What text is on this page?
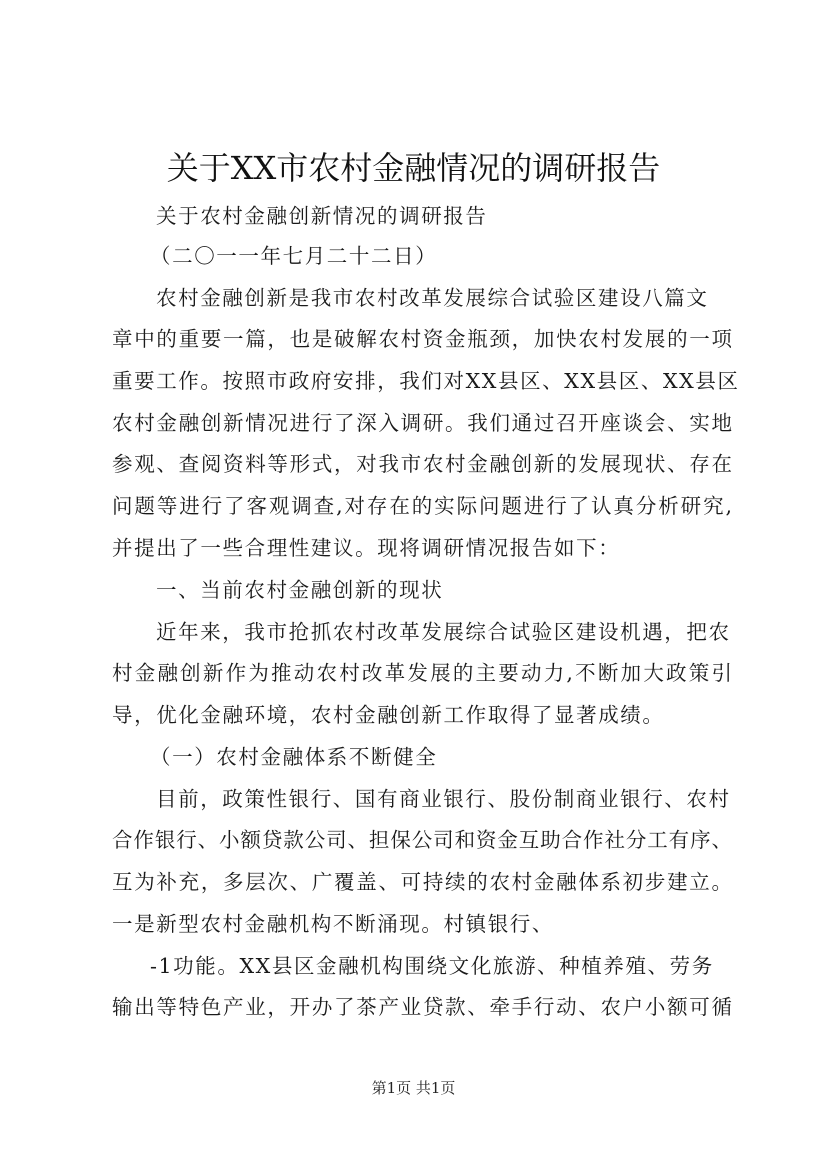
关于XX市农村金融情况的调研报告
关于农村金融创新情况的调研报告
（二〇一一年七月二十二日）
农村金融创新是我市农村改革发展综合试验区建设八篇文
章中的重要一篇，也是破解农村资金瓶颈，加快农村发展的一项
重要工作。按照市政府安排，我们对XX县区、XX县区、XX县区
农村金融创新情况进行了深入调研。我们通过召开座谈会、实地
参观、查阅资料等形式，对我市农村金融创新的发展现状、存在
问题等进行了客观调查,对存在的实际问题进行了认真分析研究,
并提出了一些合理性建议。现将调研情况报告如下：
一、当前农村金融创新的现状
近年来，我市抢抓农村改革发展综合试验区建设机遇，把农
村金融创新作为推动农村改革发展的主要动力,不断加大政策引
导，优化金融环境，农村金融创新工作取得了显著成绩。
（一）农村金融体系不断健全
目前，政策性银行、国有商业银行、股份制商业银行、农村
合作银行、小额贷款公司、担保公司和资金互助合作社分工有序、
互为补充，多层次、广覆盖、可持续的农村金融体系初步建立。
一是新型农村金融机构不断涌现。村镇银行、
-1功能。XX县区金融机构围绕文化旅游、种植养殖、劳务
输出等特色产业，开办了茶产业贷款、牵手行动、农户小额可循
第1页 共1页
